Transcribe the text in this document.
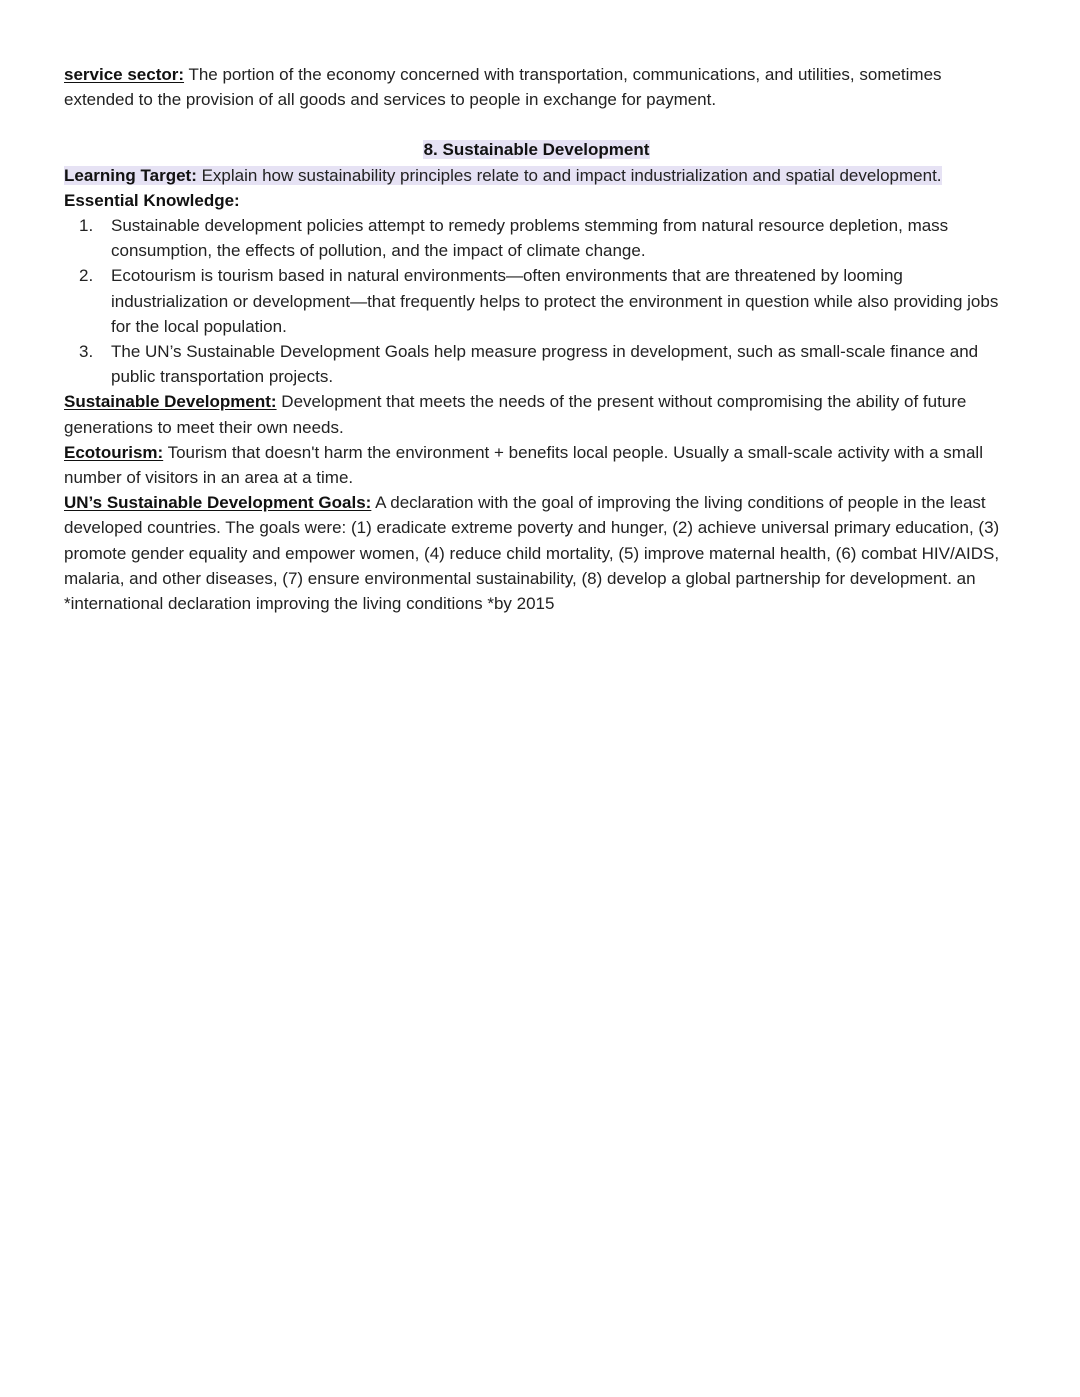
service sector: The portion of the economy concerned with transportation, communications, and utilities, sometimes extended to the provision of all goods and services to people in exchange for payment.

8. Sustainable Development
Learning Target: Explain how sustainability principles relate to and impact industrialization and spatial development.
Essential Knowledge:
1. Sustainable development policies attempt to remedy problems stemming from natural resource depletion, mass consumption, the effects of pollution, and the impact of climate change.
2. Ecotourism is tourism based in natural environments—often environments that are threatened by looming industrialization or development—that frequently helps to protect the environment in question while also providing jobs for the local population.
3. The UN’s Sustainable Development Goals help measure progress in development, such as small-scale finance and public transportation projects.

Sustainable Development: Development that meets the needs of the present without compromising the ability of future generations to meet their own needs.

Ecotourism: Tourism that doesn't harm the environment + benefits local people. Usually a small-scale activity with a small number of visitors in an area at a time.

UN’s Sustainable Development Goals: A declaration with the goal of improving the living conditions of people in the least developed countries. The goals were: (1) eradicate extreme poverty and hunger, (2) achieve universal primary education, (3) promote gender equality and empower women, (4) reduce child mortality, (5) improve maternal health, (6) combat HIV/AIDS, malaria, and other diseases, (7) ensure environmental sustainability, (8) develop a global partnership for development. an *international declaration improving the living conditions *by 2015
